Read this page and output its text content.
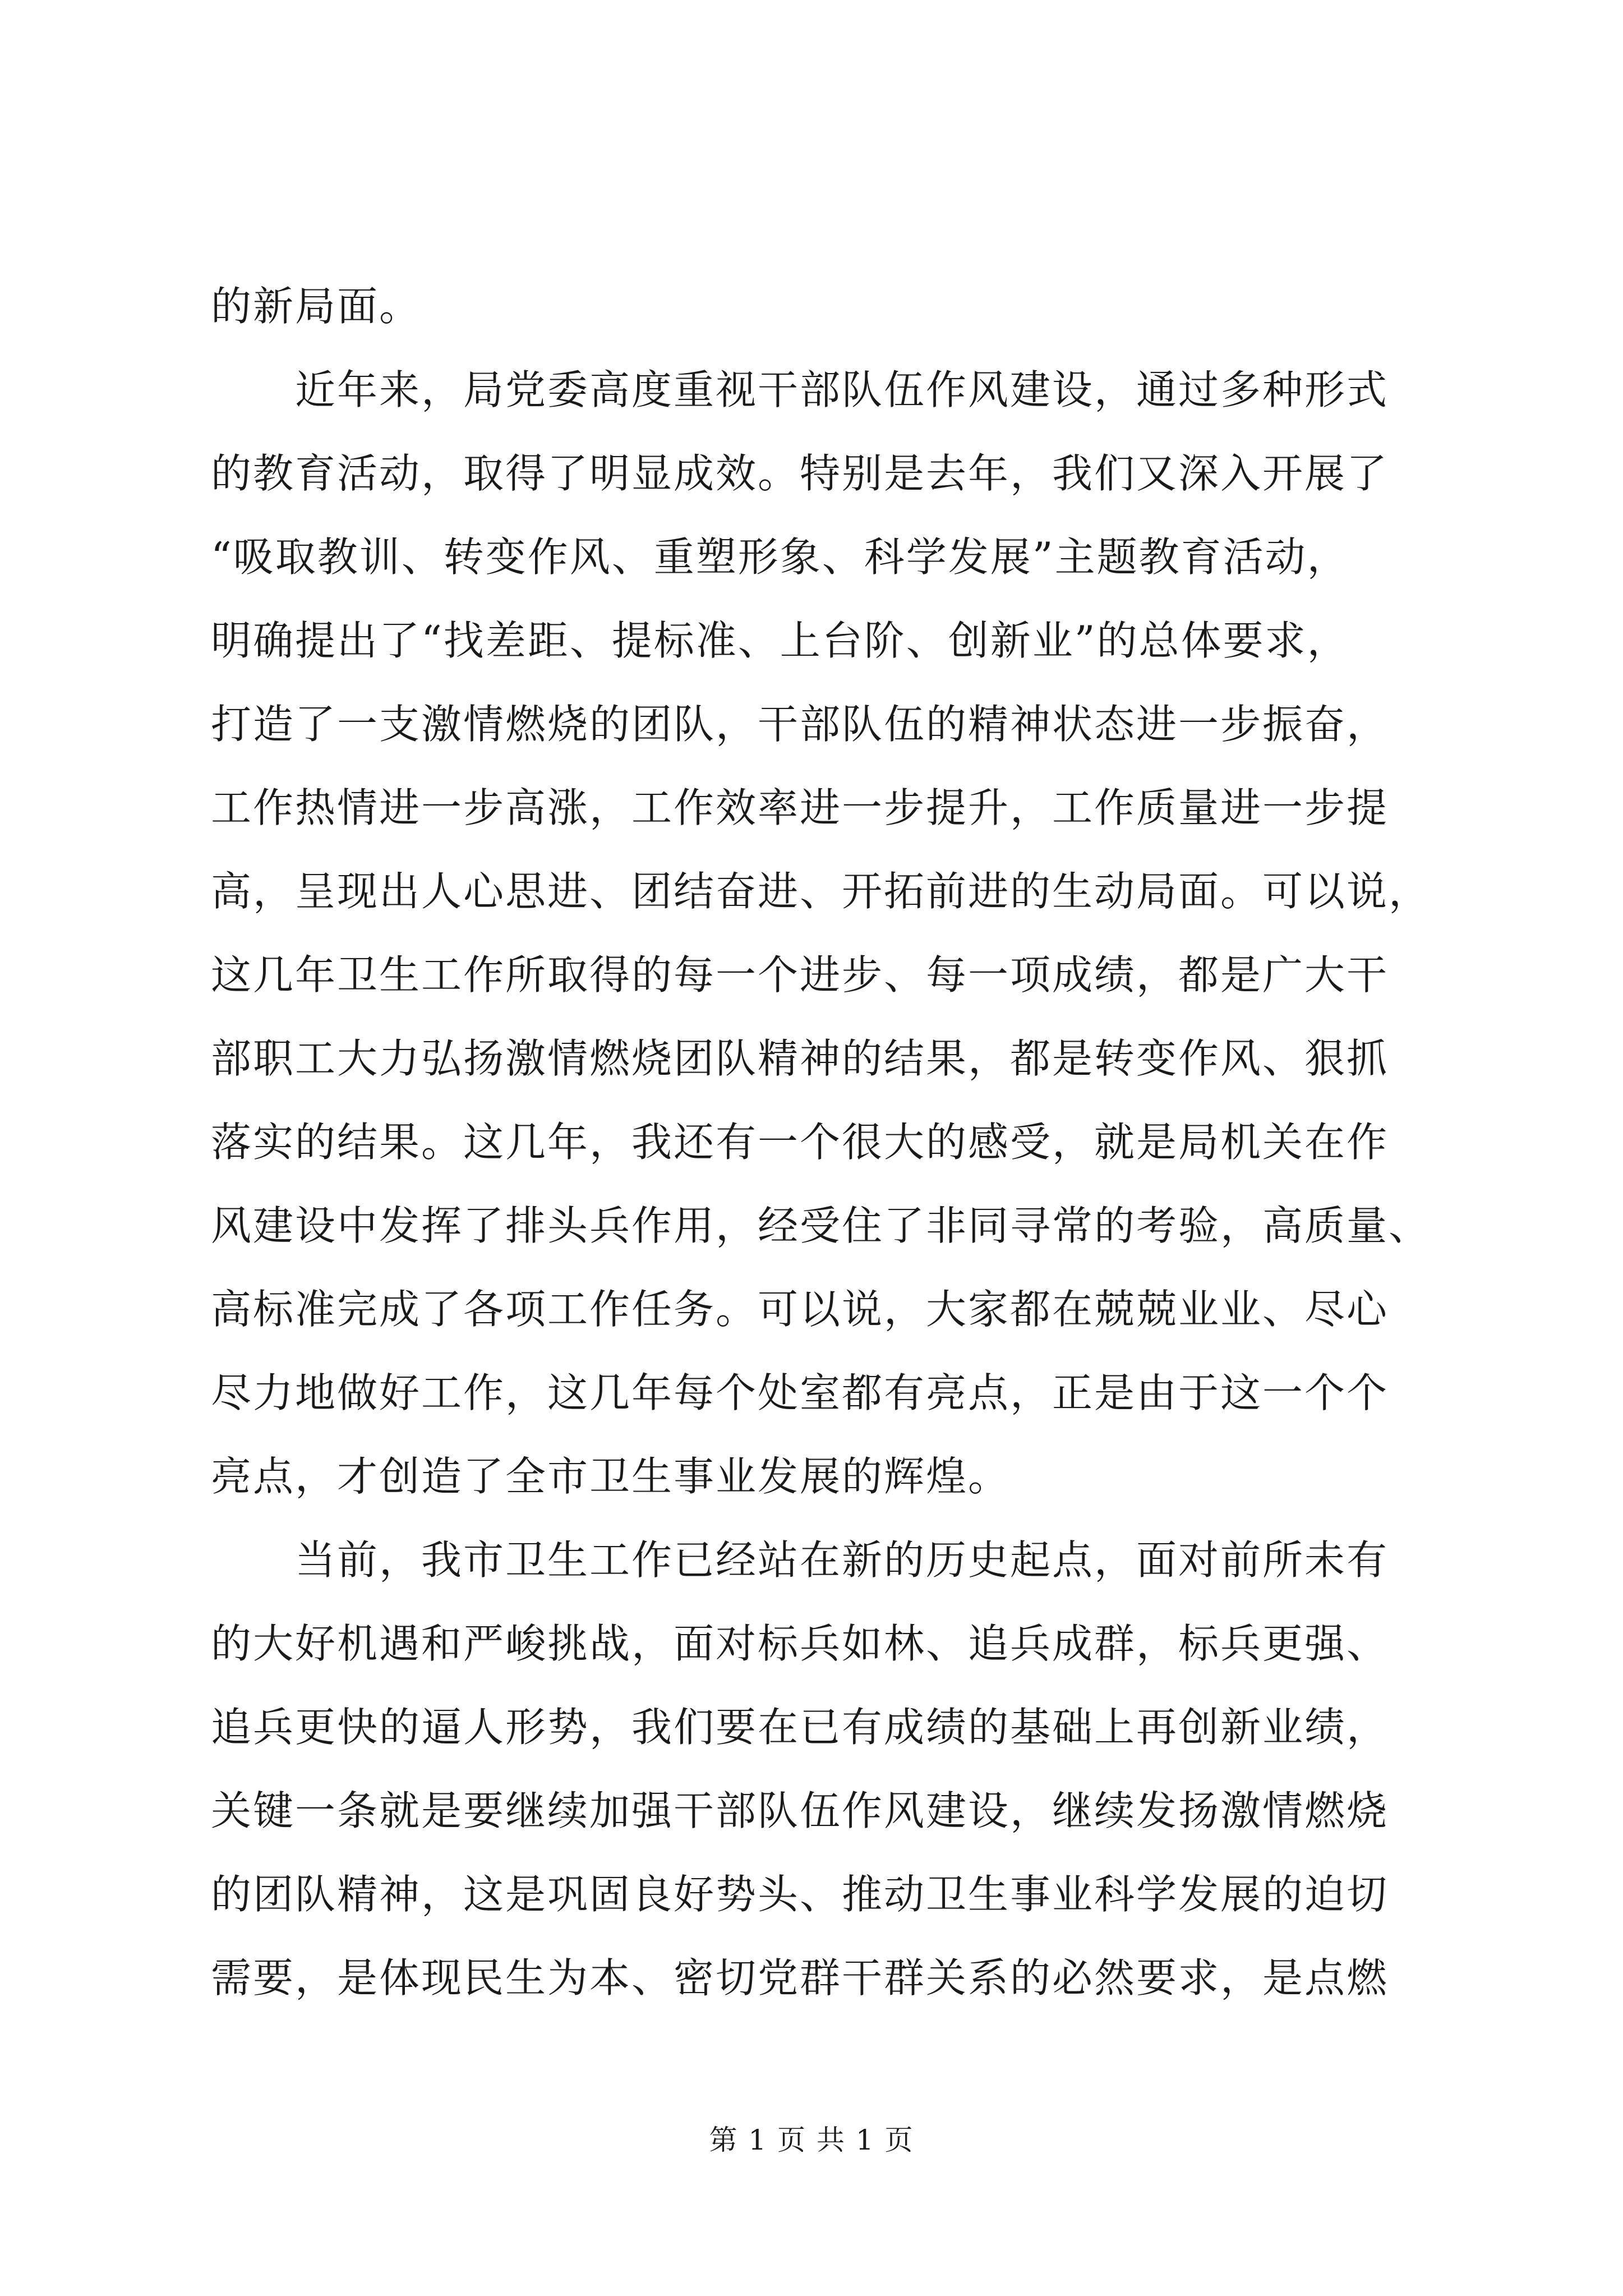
的新局面。
　　近年来，局党委高度重视干部队伍作风建设，通过多种形式
的教育活动，取得了明显成效。特别是去年，我们又深入开展了
“吸取教训、转变作风、重塑形象、科学发展”主题教育活动，
明确提出了“找差距、提标准、上台阶、创新业”的总体要求，
打造了一支激情燃烧的团队，干部队伍的精神状态进一步振奋，
工作热情进一步高涨，工作效率进一步提升，工作质量进一步提
高，呈现出人心思进、团结奋进、开拓前进的生动局面。可以说，
这几年卫生工作所取得的每一个进步、每一项成绩，都是广大干
部职工大力弘扬激情燃烧团队精神的结果，都是转变作风、狠抓
落实的结果。这几年，我还有一个很大的感受，就是局机关在作
风建设中发挥了排头兵作用，经受住了非同寻常的考验，高质量、
高标准完成了各项工作任务。可以说，大家都在兢兢业业、尽心
尽力地做好工作，这几年每个处室都有亮点，正是由于这一个个
亮点，才创造了全市卫生事业发展的辉煌。
　　当前，我市卫生工作已经站在新的历史起点，面对前所未有
的大好机遇和严峻挑战，面对标兵如林、追兵成群，标兵更强、
追兵更快的逼人形势，我们要在已有成绩的基础上再创新业绩，
关键一条就是要继续加强干部队伍作风建设，继续发扬激情燃烧
的团队精神，这是巩固良好势头、推动卫生事业科学发展的迫切
需要，是体现民生为本、密切党群干群关系的必然要求，是点燃
第 1 页 共 1 页
